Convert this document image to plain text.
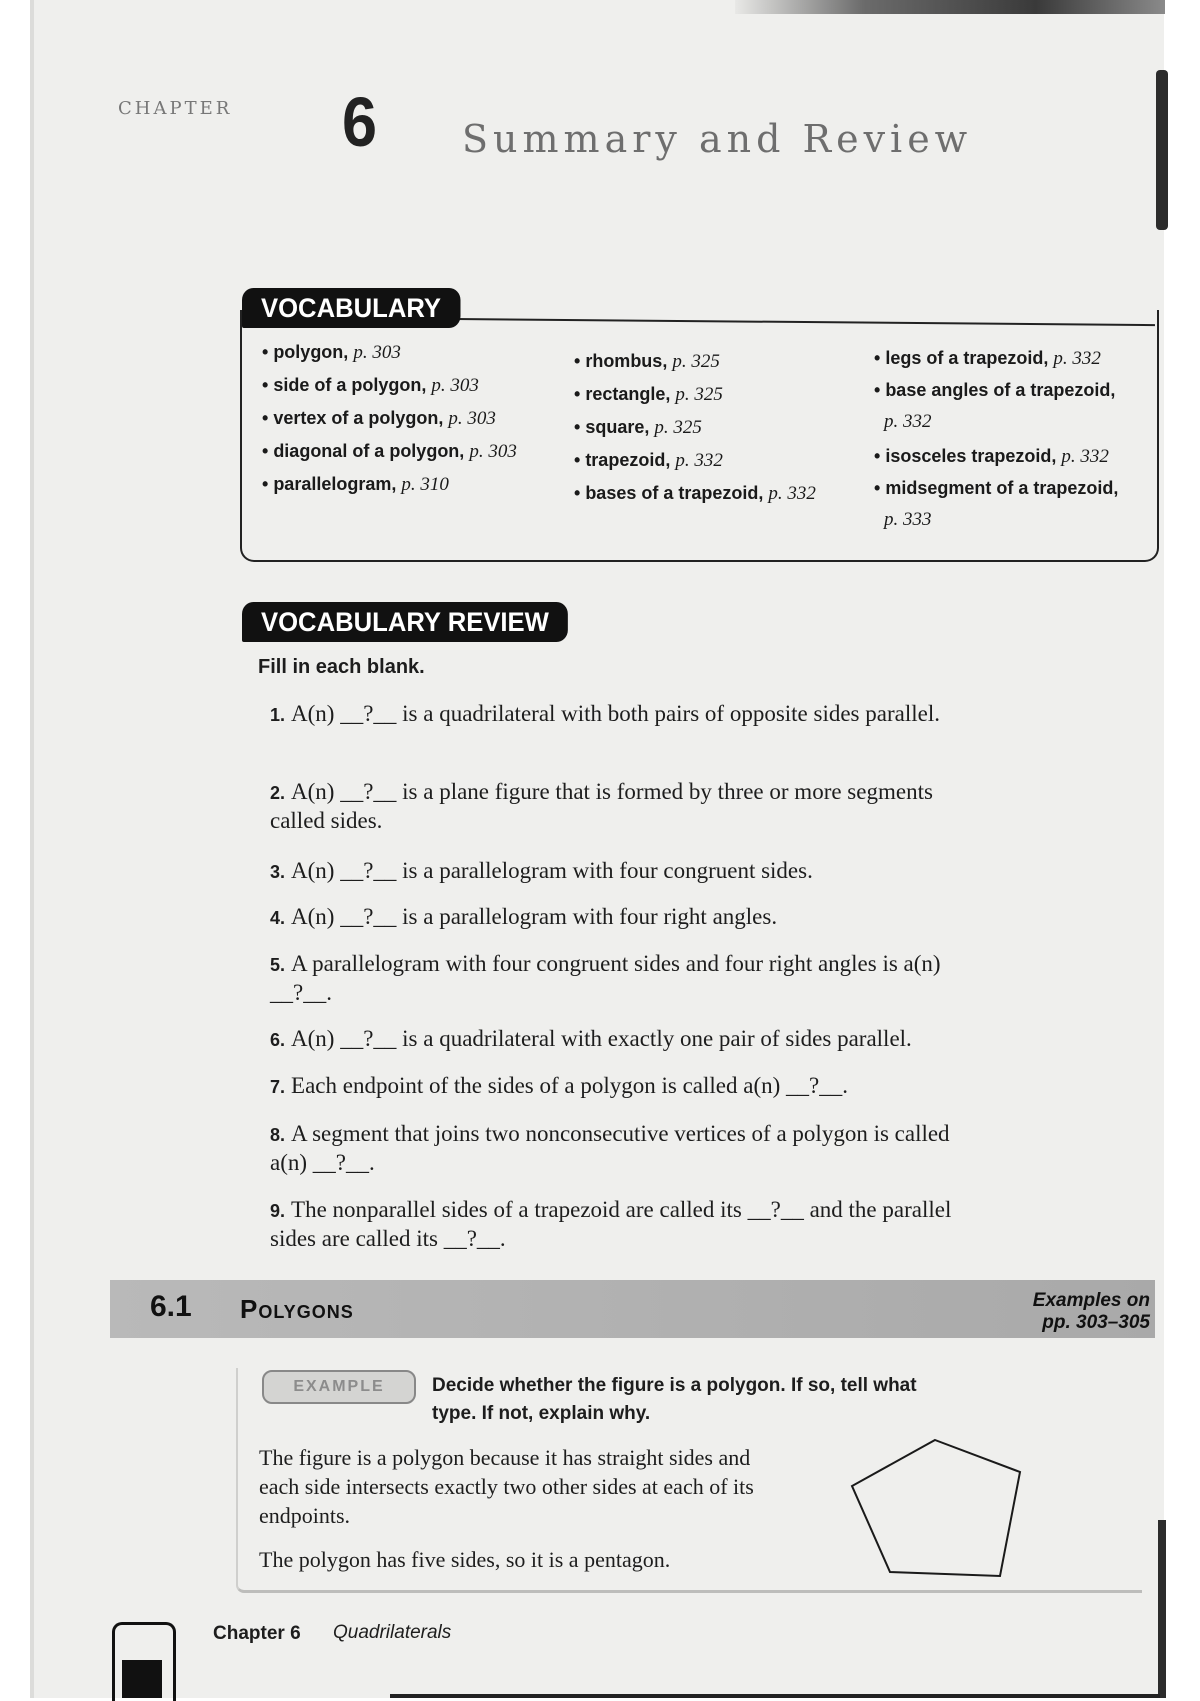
CHAPTER 6 Summary and Review
VOCABULARY
• polygon, p. 303
• side of a polygon, p. 303
• vertex of a polygon, p. 303
• diagonal of a polygon, p. 303
• parallelogram, p. 310
• rhombus, p. 325
• rectangle, p. 325
• square, p. 325
• trapezoid, p. 332
• bases of a trapezoid, p. 332
• legs of a trapezoid, p. 332
• base angles of a trapezoid,
p. 332
• isosceles trapezoid, p. 332
• midsegment of a trapezoid,
p. 333
VOCABULARY REVIEW
Fill in each blank.
1. A(n) __?__ is a quadrilateral with both pairs of opposite sides parallel.
2. A(n) __?__ is a plane figure that is formed by three or more segments called sides.
3. A(n) __?__ is a parallelogram with four congruent sides.
4. A(n) __?__ is a parallelogram with four right angles.
5. A parallelogram with four congruent sides and four right angles is a(n) __?__.
6. A(n) __?__ is a quadrilateral with exactly one pair of sides parallel.
7. Each endpoint of the sides of a polygon is called a(n) __?__.
8. A segment that joins two nonconsecutive vertices of a polygon is called a(n) __?__.
9. The nonparallel sides of a trapezoid are called its __?__ and the parallel sides are called its __?__.
6.1 Polygons	Examples on
pp. 303–305
EXAMPLE	Decide whether the figure is a polygon. If so, tell what type. If not, explain why.
The figure is a polygon because it has straight sides and each side intersects exactly two other sides at each of its endpoints.
The polygon has five sides, so it is a pentagon.
Chapter 6 Quadrilaterals
